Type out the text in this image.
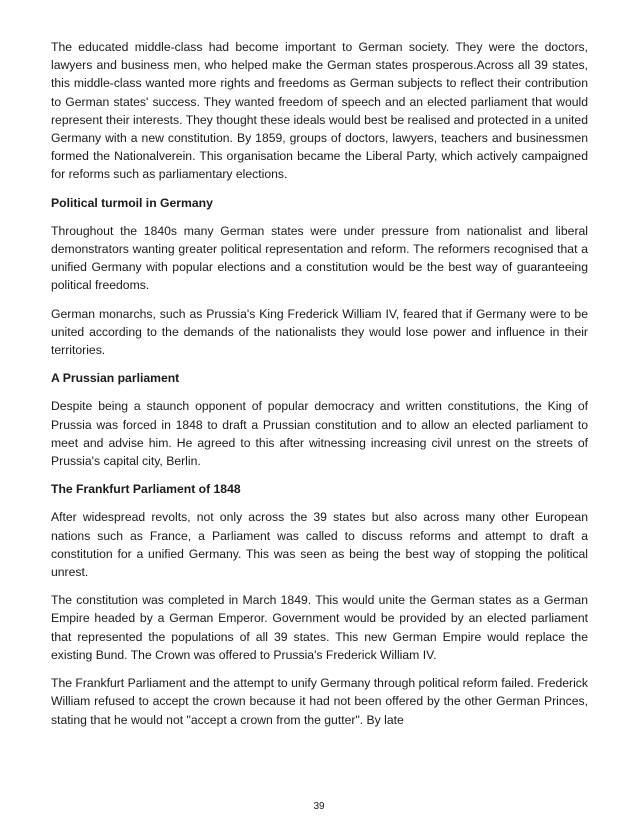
The educated middle-class had become important to German society. They were the doctors, lawyers and business men, who helped make the German states prosperous.Across all 39 states, this middle-class wanted more rights and freedoms as German subjects to reflect their contribution to German states' success. They wanted freedom of speech and an elected parliament that would represent their interests. They thought these ideals would best be realised and protected in a united Germany with a new constitution. By 1859, groups of doctors, lawyers, teachers and businessmen formed the Nationalverein. This organisation became the Liberal Party, which actively campaigned for reforms such as parliamentary elections.

Political turmoil in Germany

Throughout the 1840s many German states were under pressure from nationalist and liberal demonstrators wanting greater political representation and reform. The reformers recognised that a unified Germany with popular elections and a constitution would be the best way of guaranteeing political freedoms.

German monarchs, such as Prussia's King Frederick William IV, feared that if Germany were to be united according to the demands of the nationalists they would lose power and influence in their territories.

A Prussian parliament

Despite being a staunch opponent of popular democracy and written constitutions, the King of Prussia was forced in 1848 to draft a Prussian constitution and to allow an elected parliament to meet and advise him. He agreed to this after witnessing increasing civil unrest on the streets of Prussia's capital city, Berlin.

The Frankfurt Parliament of 1848

After widespread revolts, not only across the 39 states but also across many other European nations such as France, a Parliament was called to discuss reforms and attempt to draft a constitution for a unified Germany. This was seen as being the best way of stopping the political unrest.

The constitution was completed in March 1849. This would unite the German states as a German Empire headed by a German Emperor. Government would be provided by an elected parliament that represented the populations of all 39 states. This new German Empire would replace the existing Bund. The Crown was offered to Prussia's Frederick William IV.

The Frankfurt Parliament and the attempt to unify Germany through political reform failed. Frederick William refused to accept the crown because it had not been offered by the other German Princes, stating that he would not "accept a crown from the gutter". By late

39
